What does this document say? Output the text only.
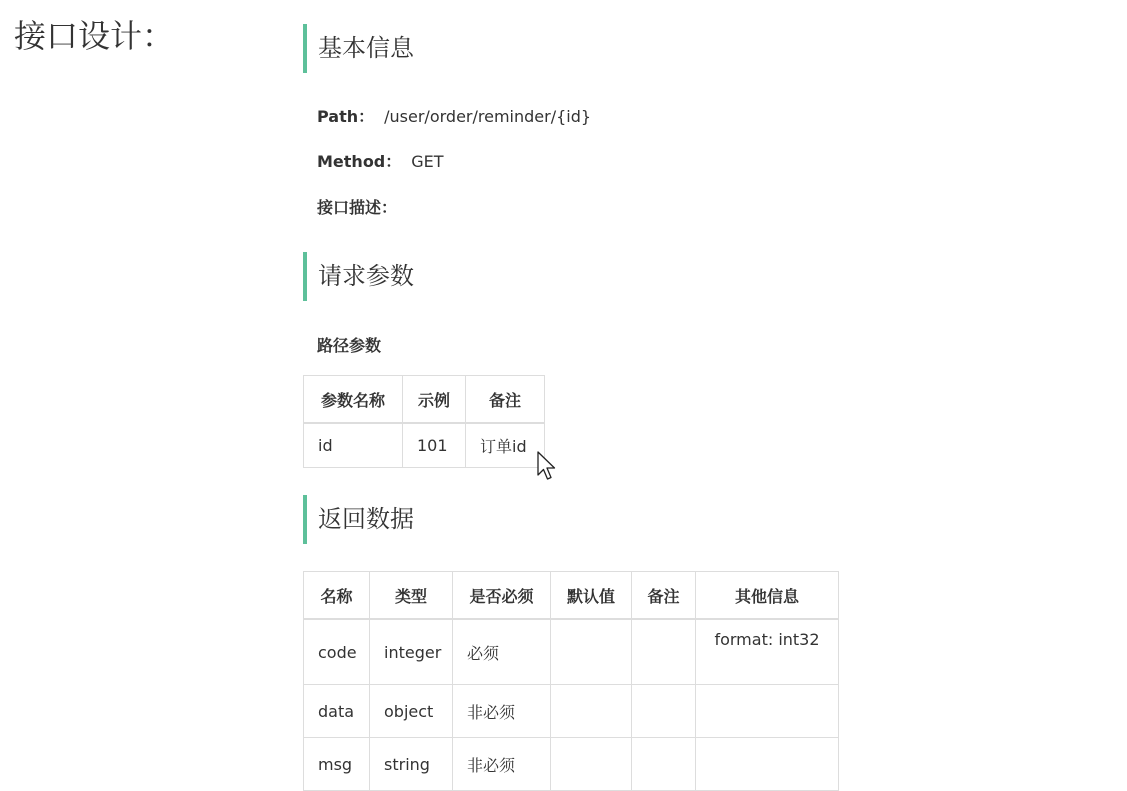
接口设计：	基本信息
Path： /user/order/reminder/{id}
Method： GET
接口描述：
请求参数
路径参数
参数名称	示例	备注
id	101	订单id
返回数据
名称	类型	是否必须	默认值	备注	其他信息
code	integer	必须			format: int32
data	object	非必须			
msg	string	非必须			
